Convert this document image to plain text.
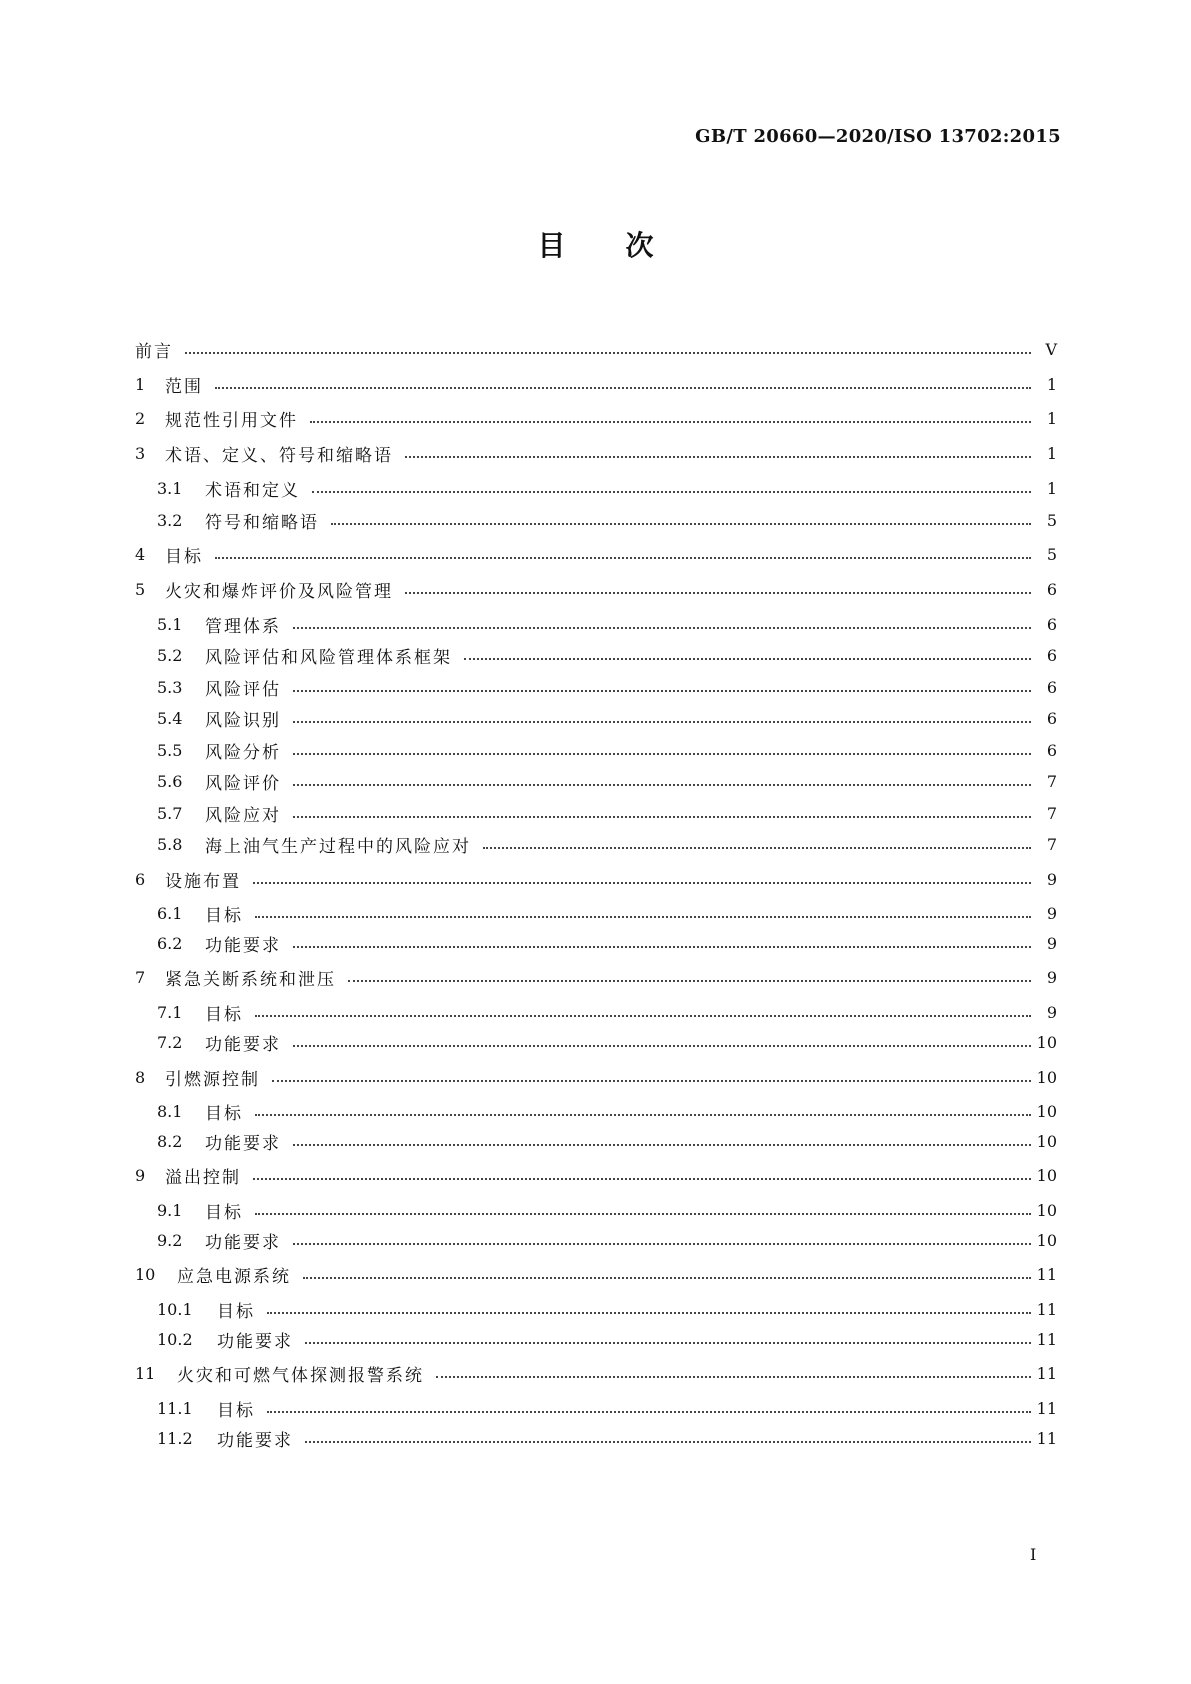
GB/T 20660—2020/ISO 13702:2015
目次
前言	V
1	范围	1
2	规范性引用文件	1
3	术语、定义、符号和缩略语	1
3.1	术语和定义	1
3.2	符号和缩略语	5
4	目标	5
5	火灾和爆炸评价及风险管理	6
5.1	管理体系	6
5.2	风险评估和风险管理体系框架	6
5.3	风险评估	6
5.4	风险识别	6
5.5	风险分析	6
5.6	风险评价	7
5.7	风险应对	7
5.8	海上油气生产过程中的风险应对	7
6	设施布置	9
6.1	目标	9
6.2	功能要求	9
7	紧急关断系统和泄压	9
7.1	目标	9
7.2	功能要求	10
8	引燃源控制	10
8.1	目标	10
8.2	功能要求	10
9	溢出控制	10
9.1	目标	10
9.2	功能要求	10
10	应急电源系统	11
10.1	目标	11
10.2	功能要求	11
11	火灾和可燃气体探测报警系统	11
11.1	目标	11
11.2	功能要求	11
I
